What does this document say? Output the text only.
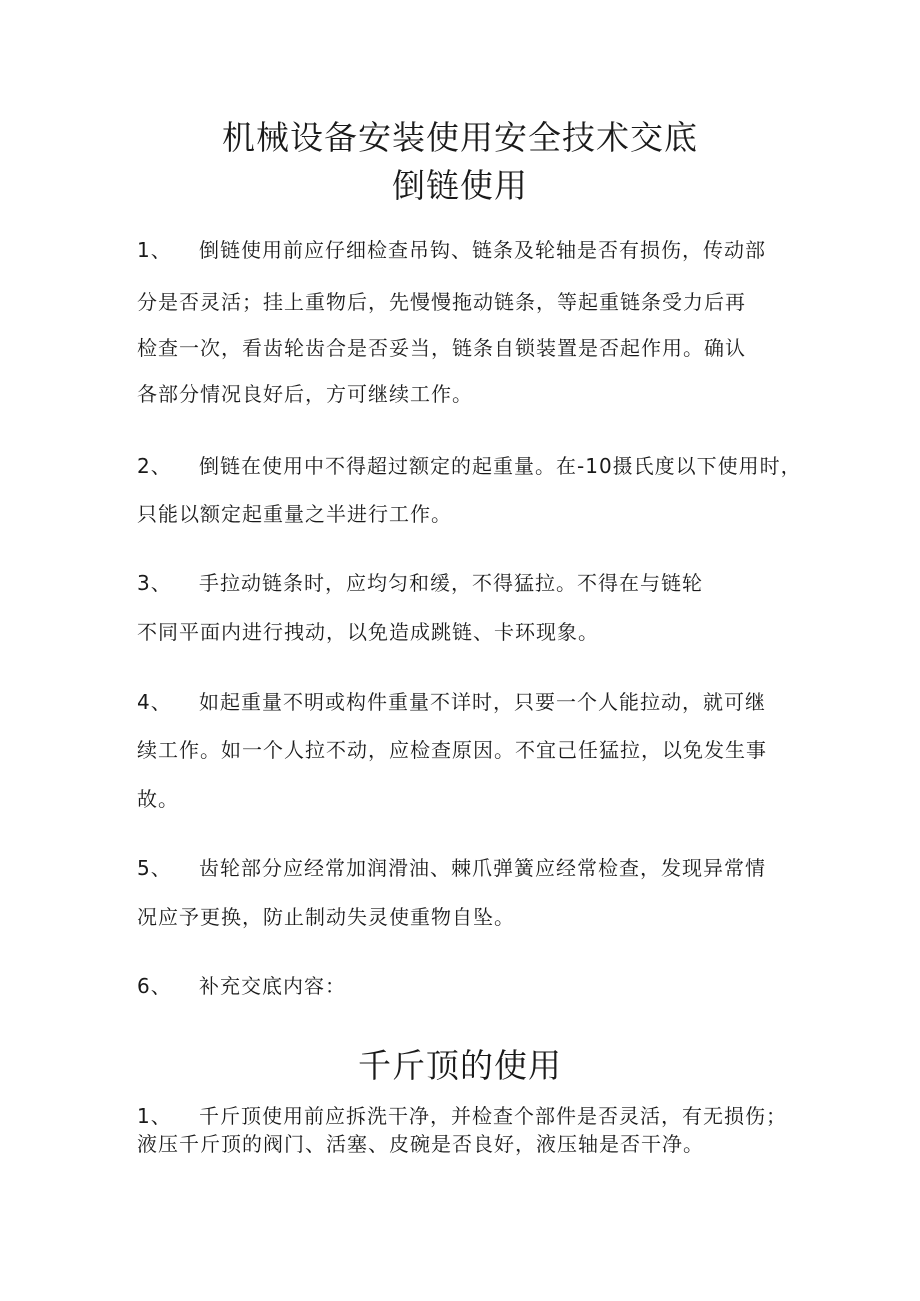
机械设备安装使用安全技术交底
倒链使用
1、 倒链使用前应仔细检查吊钩、链条及轮轴是否有损伤，传动部
分是否灵活；挂上重物后，先慢慢拖动链条，等起重链条受力后再
检查一次，看齿轮齿合是否妥当，链条自锁装置是否起作用。确认
各部分情况良好后，方可继续工作。
2、 倒链在使用中不得超过额定的起重量。在-10摄氏度以下使用时，
只能以额定起重量之半进行工作。
3、 手拉动链条时，应均匀和缓，不得猛拉。不得在与链轮
不同平面内进行拽动，以免造成跳链、卡环现象。
4、 如起重量不明或构件重量不详时，只要一个人能拉动，就可继
续工作。如一个人拉不动，应检查原因。不宜己任猛拉，以免发生事
故。
5、 齿轮部分应经常加润滑油、棘爪弹簧应经常检查，发现异常情
况应予更换，防止制动失灵使重物自坠。
6、 补充交底内容：
千斤顶的使用
1、 千斤顶使用前应拆洗干净，并检查个部件是否灵活，有无损伤；
液压千斤顶的阀门、活塞、皮碗是否良好，液压轴是否干净。
